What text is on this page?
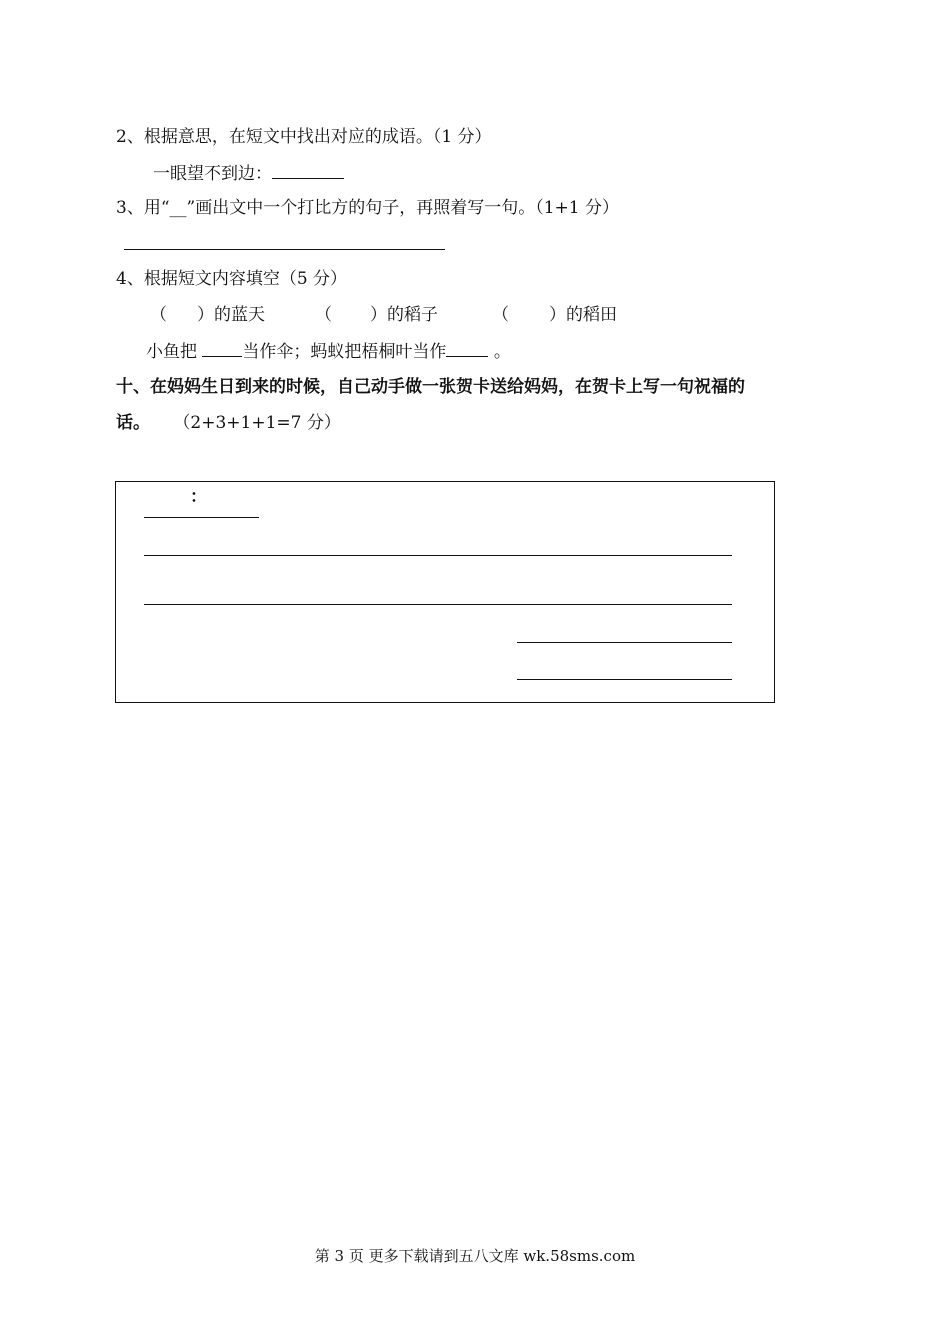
2、根据意思，在短文中找出对应的成语。（1 分）
一眼望不到边：
3、用“__”画出文中一个打比方的句子，再照着写一句。（1+1 分）
4、根据短文内容填空（5 分）
（ ）的蓝天	（ ）的稻子	（ ）的稻田
小鱼把	当作伞；蚂蚁把梧桐叶当作	。
十、在妈妈生日到来的时候，自己动手做一张贺卡送给妈妈，在贺卡上写一句祝福的
话。 （2+3+1+1=7 分）
：
第 3 页 更多下载请到五八文库 wk.58sms.com
